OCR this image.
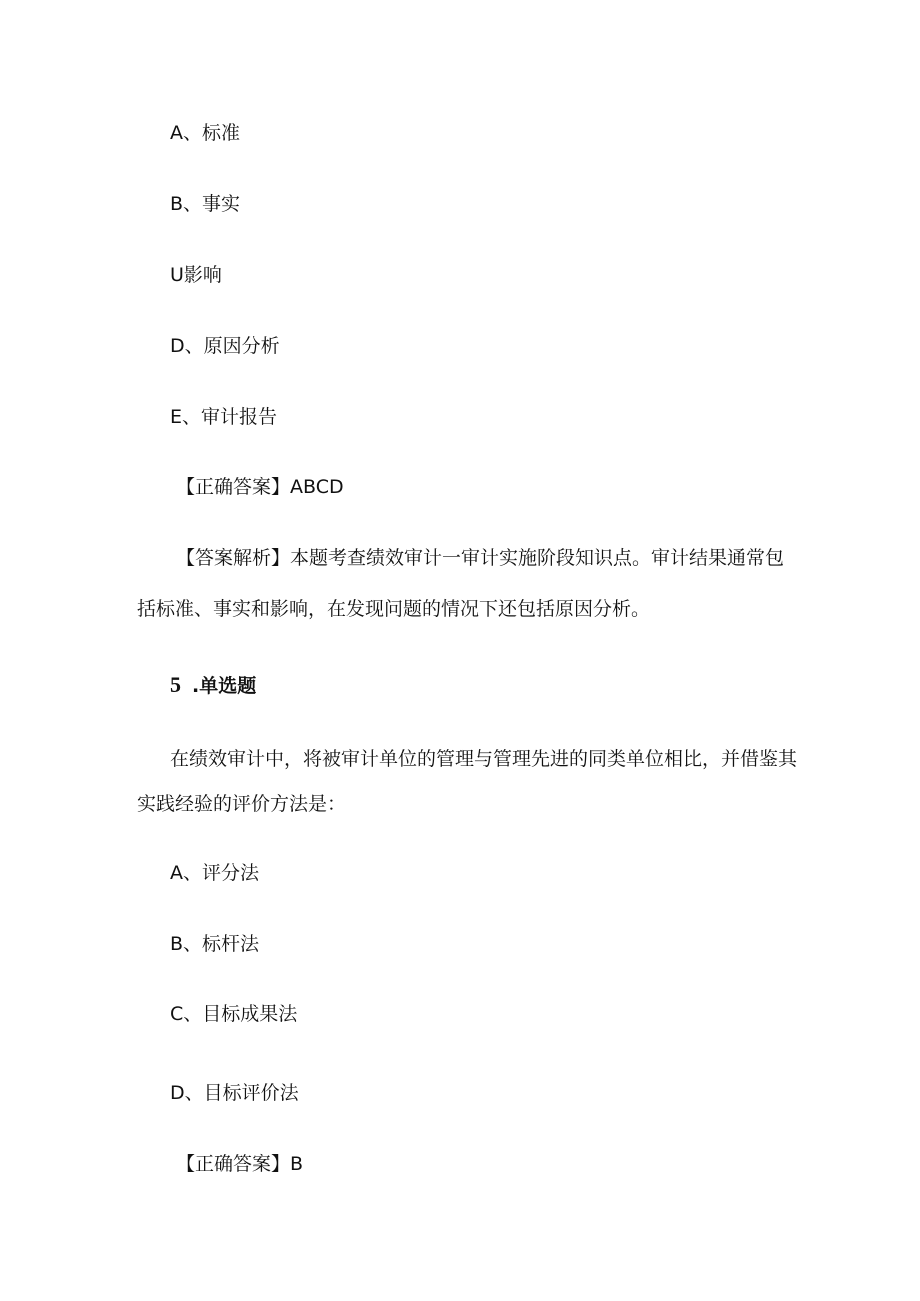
A、标准
B、事实
U影响
D、原因分析
E、审计报告
【正确答案】ABCD
【答案解析】本题考查绩效审计一审计实施阶段知识点。审计结果通常包
括标准、事实和影响，在发现问题的情况下还包括原因分析。
5 .单选题
在绩效审计中，将被审计单位的管理与管理先进的同类单位相比，并借鉴其
实践经验的评价方法是：
A、评分法
B、标杆法
C、目标成果法
D、目标评价法
【正确答案】B
